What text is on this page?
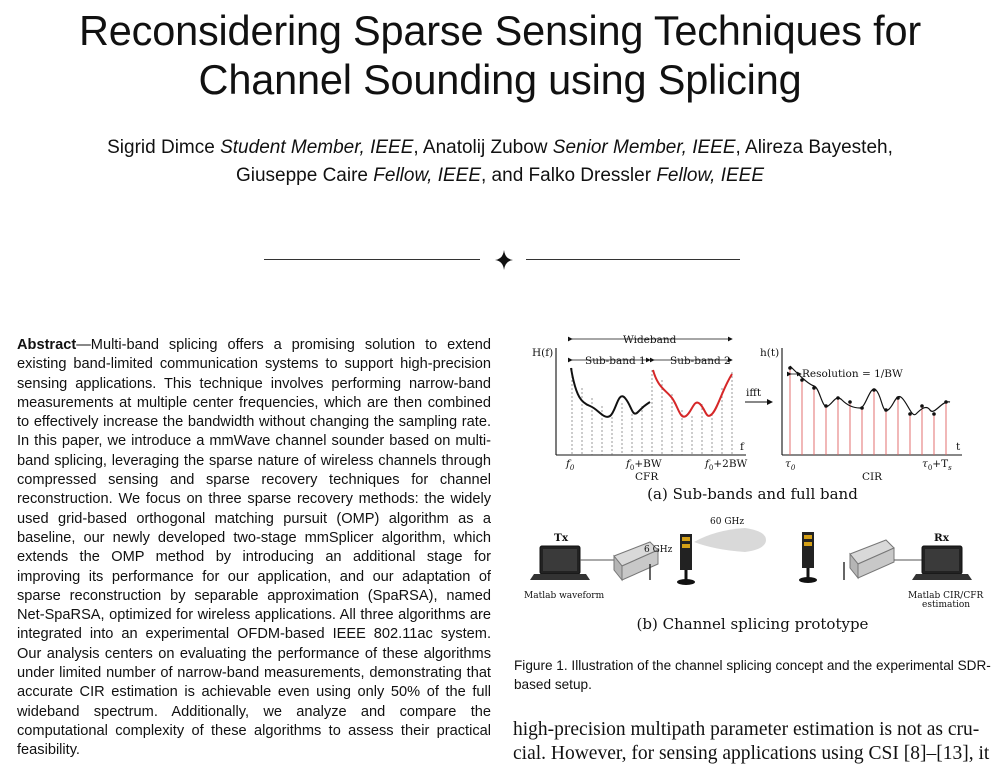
Reconsidering Sparse Sensing Techniques for
Channel Sounding using Splicing
Sigrid Dimce Student Member, IEEE, Anatolij Zubow Senior Member, IEEE, Alireza Bayesteh,
Giuseppe Caire Fellow, IEEE, and Falko Dressler Fellow, IEEE
Abstract—Multi-band splicing offers a promising solution to extend existing band-limited communication systems to support high-precision sensing applications. This technique involves performing narrow-band measurements at multiple center frequencies, which are then combined to effectively increase the bandwidth without changing the sampling rate. In this paper, we introduce a mmWave channel sounder based on multi-band splicing, leveraging the sparse nature of wireless channels through compressed sensing and sparse recovery techniques for channel reconstruction. We focus on three sparse recovery methods: the widely used grid-based orthogonal matching pursuit (OMP) algorithm as a baseline, our newly developed two-stage mmSplicer algorithm, which extends the OMP method by introducing an additional stage for improving its performance for our application, and our adaptation of sparse reconstruction by separable approximation (SpaRSA), named Net-SpaRSA, optimized for wireless applications. All three algorithms are integrated into an experimental OFDM-based IEEE 802.11ac system. Our analysis centers on evaluating the performance of these algorithms under limited number of narrow-band measurements, demonstrating that accurate CIR estimation is achievable even using only 50% of the full wideband spectrum. Additionally, we analyze and compare the computational complexity of these algorithms to assess their practical feasibility.
Wideband
Sub-band 1 Sub-band 2
H(f)
f
$f_0$	$f_0+BW$	$f_0+2BW$
CFR
ifft
Resolution = 1/BW
h(t)
t
$\tau_0$	$\tau_0+T_s$
CIR
Tx
Matlab waveform
6 GHz
60 GHz
Rx
Matlab CIR/CFR
estimation
(a) Sub-bands and full band
(b) Channel splicing prototype
Figure 1. Illustration of the channel splicing concept and the experimental SDR-based setup.
high-precision multipath parameter estimation is not as cru-
cial. However, for sensing applications using CSI [8]–[13], it
